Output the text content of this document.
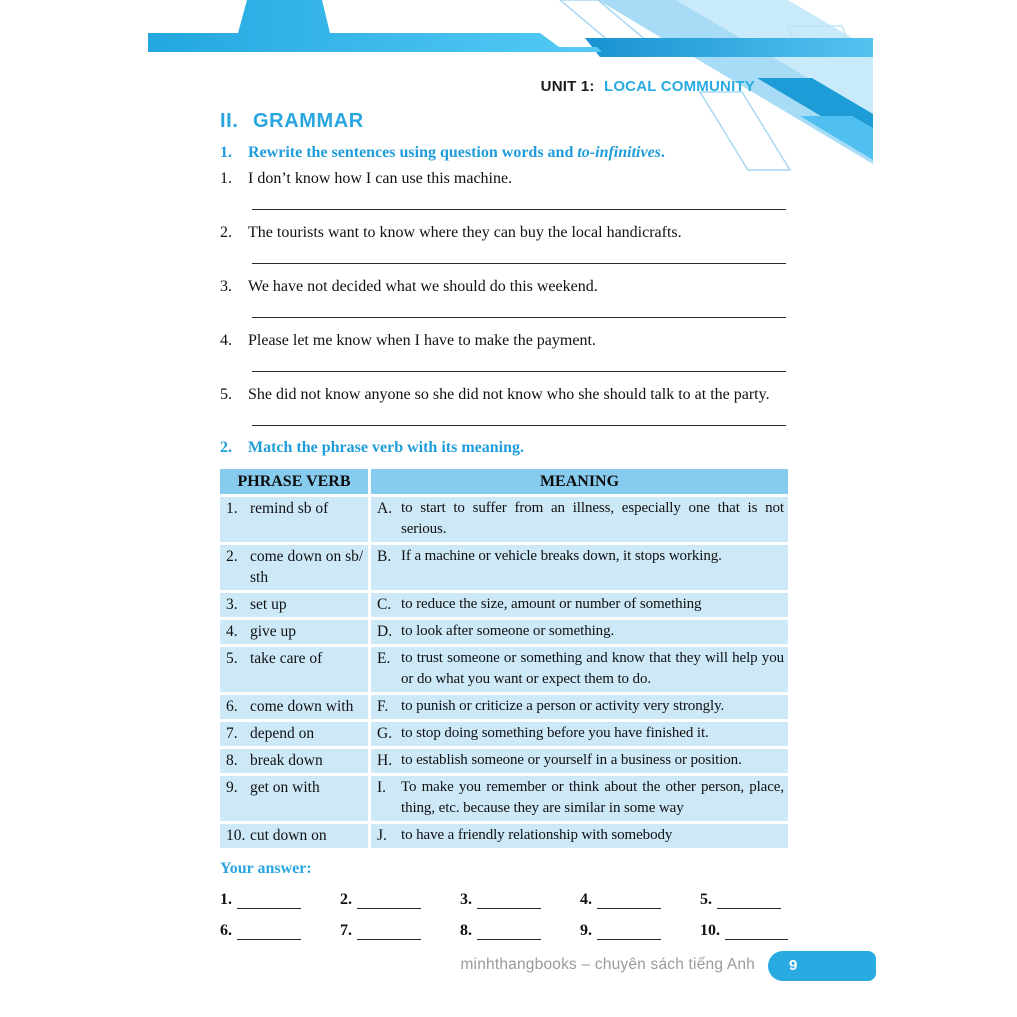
UNIT 1: LOCAL COMMUNITY
II. GRAMMAR
1.	Rewrite the sentences using question words and to-infinitives.
1.	I don’t know how I can use this machine.
2.	The tourists want to know where they can buy the local handicrafts.
3.	We have not decided what we should do this weekend.
4.	Please let me know when I have to make the payment.
5.	She did not know anyone so she did not know who she should talk to at the party.
2.	Match the phrase verb with its meaning.
PHRASE VERB	MEANING

1. remind sb of	A. to start to suffer from an illness, especially one that is not serious.

2. come down on sb/ sth	B. If a machine or vehicle breaks down, it stops working.

3. set up	C. to reduce the size, amount or number of something

4. give up	D. to look after someone or something.

5. take care of	E. to trust someone or something and know that they will help you or do what you want or expect them to do.

6. come down with	F. to punish or criticize a person or activity very strongly.

7. depend on	G. to stop doing something before you have finished it.

8. break down	H. to establish someone or yourself in a business or position.

9. get on with	I. To make you remember or think about the other person, place, thing, etc. because they are similar in some way

10. cut down on	J. to have a friendly relationship with somebody
Your answer:
1.	2.	3.	4.	5.
6.	7.	8.	9.	10.
minhthangbooks – chuyên sách tiếng Anh	9
